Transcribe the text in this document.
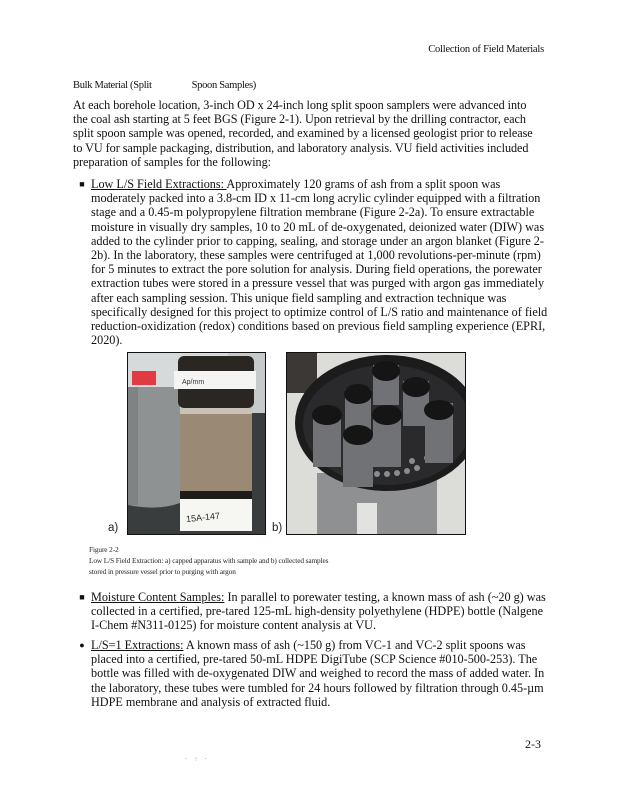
Collection of Field Materials
Bulk Material (Split	Spoon Samples)

At each borehole location, 3-inch OD x 24-inch long split spoon samplers were advanced into the coal ash starting at 5 feet BGS (Figure 2-1). Upon retrieval by the drilling contractor, each split spoon sample was opened, recorded, and examined by a licensed geologist prior to release to VU for sample packaging, distribution, and laboratory analysis. VU field activities included preparation of samples for the following:

■ Low L/S Field Extractions: Approximately 120 grams of ash from a split spoon was moderately packed into a 3.8-cm ID x 11-cm long acrylic cylinder equipped with a filtration stage and a 0.45-m polypropylene filtration membrane (Figure 2-2a). To ensure extractable moisture in visually dry samples, 10 to 20 mL of de-oxygenated, deionized water (DIW) was added to the cylinder prior to capping, sealing, and storage under an argon blanket (Figure 2-2b). In the laboratory, these samples were centrifuged at 1,000 revolutions-per-minute (rpm) for 5 minutes to extract the pore solution for analysis. During field operations, the porewater extraction tubes were stored in a pressure vessel that was purged with argon gas immediately after each sampling session. This unique field sampling and extraction technique was specifically designed for this project to optimize control of L/S ratio and maintenance of field reduction-oxidization (redox) conditions based on previous field sampling experience (EPRI, 2020).
Ap/mm
15A-147
a)	b)
Figure 2-2
Low L/S Field Extraction: a) capped apparatus with sample and b) collected samples
stored in pressure vessel prior to purging with argon
■ Moisture Content Samples: In parallel to porewater testing, a known mass of ash (~20 g) was collected in a certified, pre-tared 125-mL high-density polyethylene (HDPE) bottle (Nalgene I-Chem #N311-0125) for moisture content analysis at VU.
● L/S=1 Extractions: A known mass of ash (~150 g) from VC-1 and VC-2 split spoons was placed into a certified, pre-tared 50-mL HDPE DigiTube (SCP Science #010-500-253). The bottle was filled with de-oxygenated DIW and weighed to record the mass of added water. In the laboratory, these tubes were tumbled for 24 hours followed by filtration through 0.45-µm HDPE membrane and analysis of extracted fluid.
2-3
· ፧ ·
